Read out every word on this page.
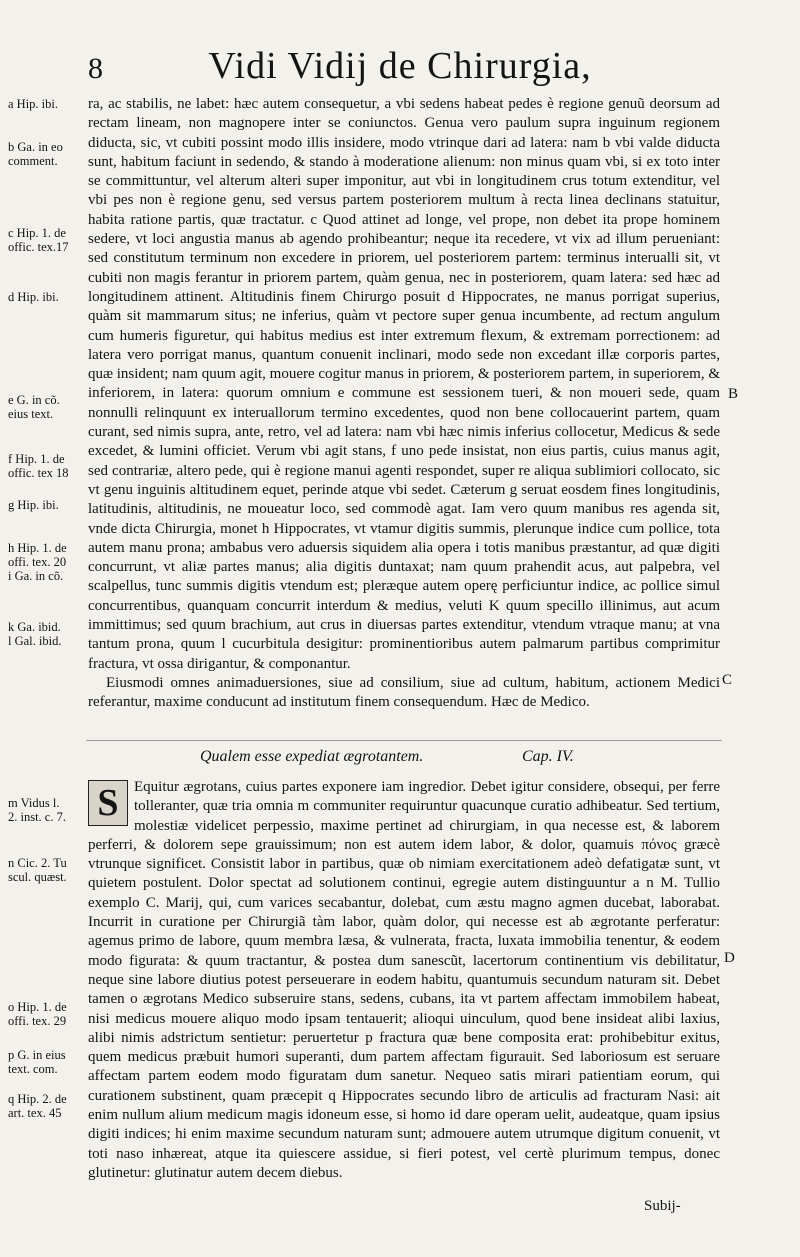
8	Vidi Vidij de Chirurgia,
a Hip. ibi.
b Ga. in eo
comment.
c Hip. 1. de
offic. tex.17
d Hip. ibi.
e G. in cõ.
eius text.
f Hip. 1. de
offic. tex 18
g Hip. ibi.
h Hip. 1. de
offi. tex. 20
i Ga. in cõ.
k Ga. ibid.
l Gal. ibid.

ra, ac stabilis, ne labet: hæc autem consequetur, a vbi sedens habeat pedes è regione genuũ deorsum ad rectam lineam, non magnopere inter se coniunctos. Genua vero paulum supra inguinum regionem diducta, sic, vt cubiti possint modo illis insidere, modo vtrinque dari ad latera: nam b vbi valde diducta sunt, habitum faciunt in sedendo, & stando à moderatione alienum: non minus quam vbi, si ex toto inter se committuntur, vel alterum alteri super imponitur, aut vbi in longitudinem crus totum extenditur, vel vbi pes non è regione genu, sed versus partem posteriorem multum à recta linea declinans statuitur, habita ratione partis, quæ tractatur. c Quod attinet ad longe, vel prope, non debet ita prope hominem sedere, vt loci angustia manus ab agendo prohibeantur; neque ita recedere, vt vix ad illum perueniant: sed constitutum terminum non excedere in priorem, uel posteriorem partem: terminus interualli sit, vt cubiti non magis ferantur in priorem partem, quàm genua, nec in posteriorem, quam latera: sed hæc ad longitudinem attinent. Altitudinis finem Chirurgo posuit d Hippocrates, ne manus porrigat superius, quàm sit mammarum situs; ne inferius, quàm vt pectore super genua incumbente, ad rectum angulum cum humeris figuretur, qui habitus medius est inter extremum flexum, & extremam porrectionem: ad latera vero porrigat manus, quantum conuenit inclinari, modo sede non excedant illæ corporis partes, quæ insident; nam quum agit, mouere cogitur manus in priorem, & posteriorem partem, in superiorem, & inferiorem, in latera: quorum omnium e commune est sessionem tueri, & non moueri sede, quam nonnulli relinquunt ex interuallorum termino excedentes, quod non bene collocauerint partem, quam curant, sed nimis supra, ante, retro, vel ad latera: nam vbi hæc nimis inferius collocetur, Medicus & sede excedet, & lumini officiet. Verum vbi agit stans, f uno pede insistat, non eius partis, cuius manus agit, sed contrariæ, altero pede, qui è regione manui agenti respondet, super re aliqua sublimiori collocato, sic vt genu inguinis altitudinem equet, perinde atque vbi sedet. Cæterum g seruat eosdem fines longitudinis, latitudinis, altitudinis, ne moueatur loco, sed commodè agat. Iam vero quum manibus res agenda sit, vnde dicta Chirurgia, monet h Hippocrates, vt vtamur digitis summis, plerunque indice cum pollice, tota autem manu prona; ambabus vero aduersis siquidem alia opera i totis manibus præstantur, ad quæ digiti concurrunt, vt aliæ partes manus; alia digitis duntaxat; nam quum prahendit acus, aut palpebra, vel scalpellus, tunc summis digitis vtendum est; pleræque autem operę perficiuntur indice, ac pollice simul concurrentibus, quanquam concurrit interdum & medius, veluti K quum specillo illinimus, aut acum immittimus; sed quum brachium, aut crus in diuersas partes extenditur, vtendum vtraque manu; at vna tantum prona, quum l cucurbitula desigitur: prominentioribus autem palmarum partibus comprimitur fractura, vt ossa dirigantur, & componantur.

Eiusmodi omnes animaduersiones, siue ad consilium, siue ad cultum, habitum, actionem Medici referantur, maxime conducunt ad institutum finem consequendum. Hæc de Medico.

Qualem esse expediat ægrotantem.	Cap. IV.
m Vidus l.
2. inst. c. 7.
n Cic. 2. Tu
scul. quæst.
o Hip. 1. de
offi. tex. 29
p G. in eius
text. com.
q Hip. 2. de
art. tex. 45
S	Equitur ægrotans, cuius partes exponere iam ingredior. Debet igitur considere, obsequi, per ferre tolleranter, quæ tria omnia m communiter requiruntur quacunque curatio adhibeatur. Sed tertium, molestiæ videlicet perpessio, maxime pertinet ad chirurgiam, in qua necesse est, & laborem perferri, & dolorem sepe grauissimum; non est autem idem labor, & dolor, quamuis πόνος græcè vtrunque significet. Consistit labor in partibus, quæ ob nimiam exercitationem adeò defatigatæ sunt, vt quietem postulent. Dolor spectat ad solutionem continui, egregie autem distinguuntur a n M. Tullio exemplo C. Marij, qui, cum varices secabantur, dolebat, cum æstu magno agmen ducebat, laborabat. Incurrit in curatione per Chirurgiã tàm labor, quàm dolor, qui necesse est ab ægrotante perferatur: agemus primo de labore, quum membra læsa, & vulnerata, fracta, luxata immobilia tenentur, & eodem modo figurata: & quum tractantur, & postea dum sanescũt, lacertorum continentium vis debilitatur, neque sine labore diutius potest perseuerare in eodem habitu, quantumuis secundum naturam sit. Debet tamen o ægrotans Medico subseruire stans, sedens, cubans, ita vt partem affectam immobilem habeat, nisi medicus mouere aliquo modo ipsam tentauerit; alioqui uinculum, quod bene insideat alibi laxius, alibi nimis adstrictum sentietur: peruertetur p fractura quæ bene composita erat: prohibebitur exitus, quem medicus præbuit humori superanti, dum partem affectam figurauit. Sed laboriosum est seruare affectam partem eodem modo figuratam dum sanetur. Nequeo satis mirari patientiam eorum, qui curationem substinent, quam præcepit q Hippocrates secundo libro de articulis ad fracturam Nasi: ait enim nullum alium medicum magis idoneum esse, si homo id dare operam uelit, audeatque, quam ipsius digiti indices; hi enim maxime secundum naturam sunt; admouere autem utrumque digitum conuenit, vt toti naso inhæreat, atque ita quiescere assidue, si fieri potest, vel certè plurimum tempus, donec glutinetur: glutinatur autem decem diebus.
B
C
D
Subij-
